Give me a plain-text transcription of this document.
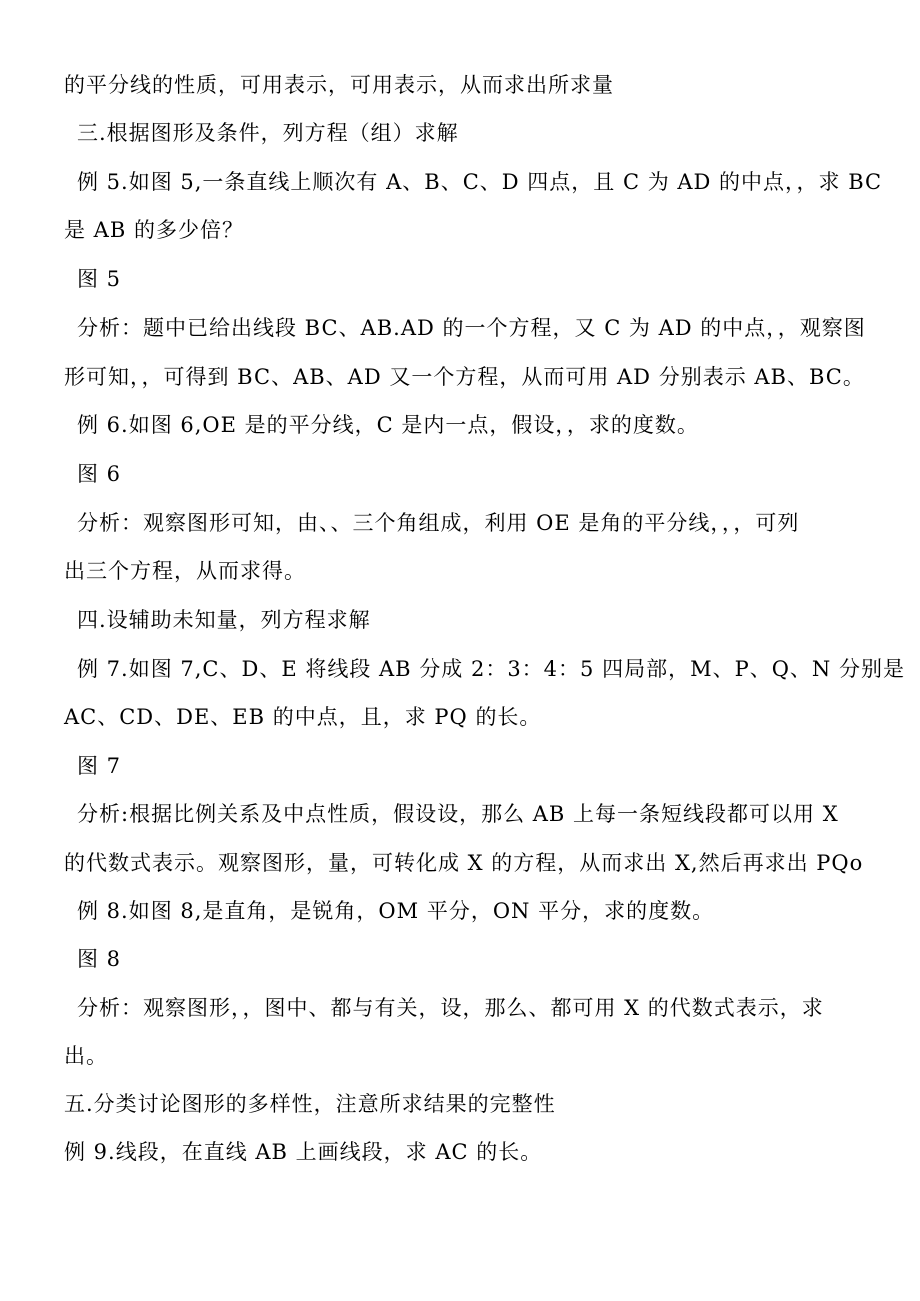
的平分线的性质，可用表示，可用表示，从而求出所求量
三.根据图形及条件，列方程（组）求解
例 5.如图 5,一条直线上顺次有 A、B、C、D 四点，且 C 为 AD 的中点，，求 BC
是 AB 的多少倍？
图 5
分析：题中已给出线段 BC、AB.AD 的一个方程，又 C 为 AD 的中点，，观察图
形可知，，可得到 BC、AB、AD 又一个方程，从而可用 AD 分别表示 AB、BC。
例 6.如图 6,OE 是的平分线，C 是内一点，假设，，求的度数。
图 6
分析：观察图形可知，由、、三个角组成，利用 OE 是角的平分线，，，可列
出三个方程，从而求得。
四.设辅助未知量，列方程求解
例 7.如图 7,C、D、E 将线段 AB 分成 2：3：4：5 四局部，M、P、Q、N 分别是
AC、CD、DE、EB 的中点，且，求 PQ 的长。
图 7
分析:根据比例关系及中点性质，假设设，那么 AB 上每一条短线段都可以用 X
的代数式表示。观察图形，量，可转化成 X 的方程，从而求出 X,然后再求出 PQo
例 8.如图 8,是直角，是锐角，OM 平分，ON 平分，求的度数。
图 8
分析：观察图形，，图中、都与有关，设，那么、都可用 X 的代数式表示，求
出。
五.分类讨论图形的多样性，注意所求结果的完整性
例 9.线段，在直线 AB 上画线段，求 AC 的长。
